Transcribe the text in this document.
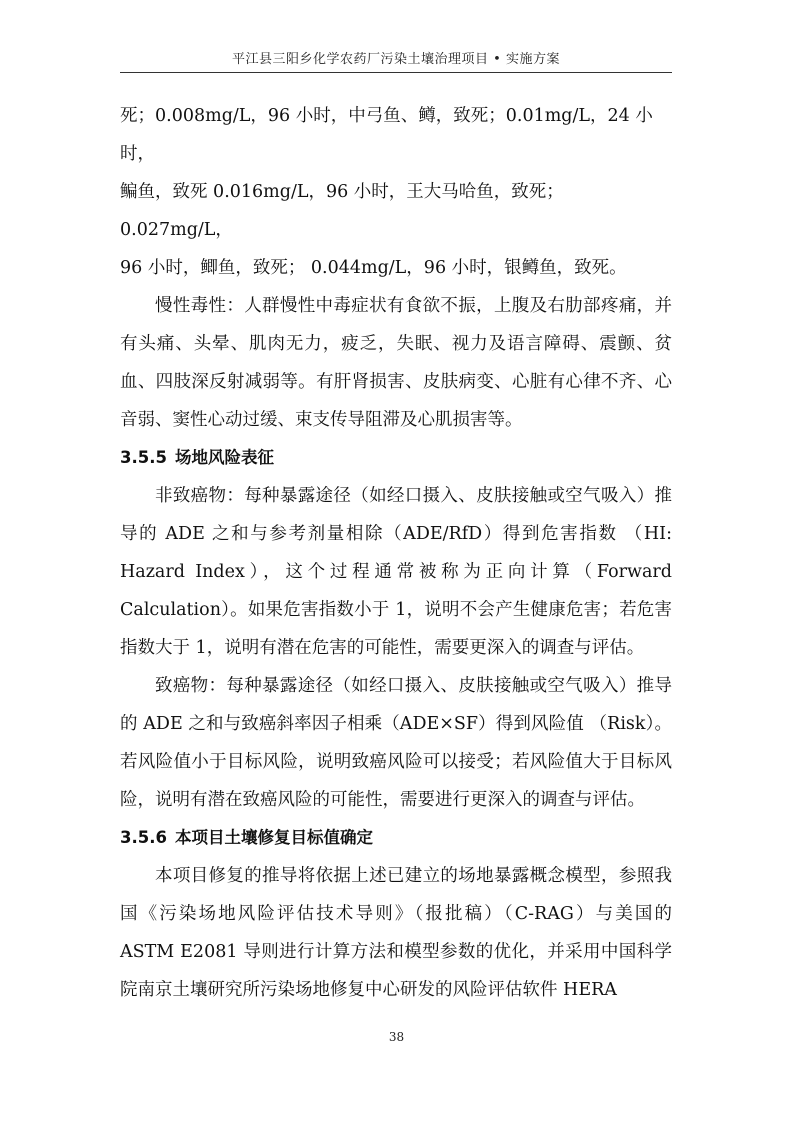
平江县三阳乡化学农药厂污染土壤治理项目 • 实施方案

死；0.008mg/L，96 小时，中弓鱼、鳟，致死；0.01mg/L，24 小时，

鳊鱼，致死 0.016mg/L，96 小时，王大马哈鱼，致死；0.027mg/L，

96 小时，鲫鱼，致死； 0.044mg/L，96 小时，银鳟鱼，致死。

慢性毒性：人群慢性中毒症状有食欲不振，上腹及右肋部疼痛，并有头痛、头晕、肌肉无力，疲乏，失眠、视力及语言障碍、震颤、贫血、四肢深反射减弱等。有肝肾损害、皮肤病变、心脏有心律不齐、心音弱、窦性心动过缓、束支传导阻滞及心肌损害等。

3.5.5 场地风险表征

非致癌物：每种暴露途径（如经口摄入、皮肤接触或空气吸入）推导的 ADE 之和与参考剂量相除（ADE/RfD）得到危害指数 （HI: Hazard Index），这个过程通常被称为正向计算（Forward Calculation）。如果危害指数小于 1，说明不会产生健康危害；若危害指数大于 1，说明有潜在危害的可能性，需要更深入的调查与评估。

致癌物：每种暴露途径（如经口摄入、皮肤接触或空气吸入）推导的 ADE 之和与致癌斜率因子相乘（ADE×SF）得到风险值 （Risk）。若风险值小于目标风险，说明致癌风险可以接受；若风险值大于目标风险，说明有潜在致癌风险的可能性，需要进行更深入的调查与评估。

3.5.6 本项目土壤修复目标值确定

本项目修复的推导将依据上述已建立的场地暴露概念模型，参照我国《污染场地风险评估技术导则》（报批稿）（C-RAG）与美国的 ASTM E2081 导则进行计算方法和模型参数的优化，并采用中国科学院南京土壤研究所污染场地修复中心研发的风险评估软件 HERA

38
